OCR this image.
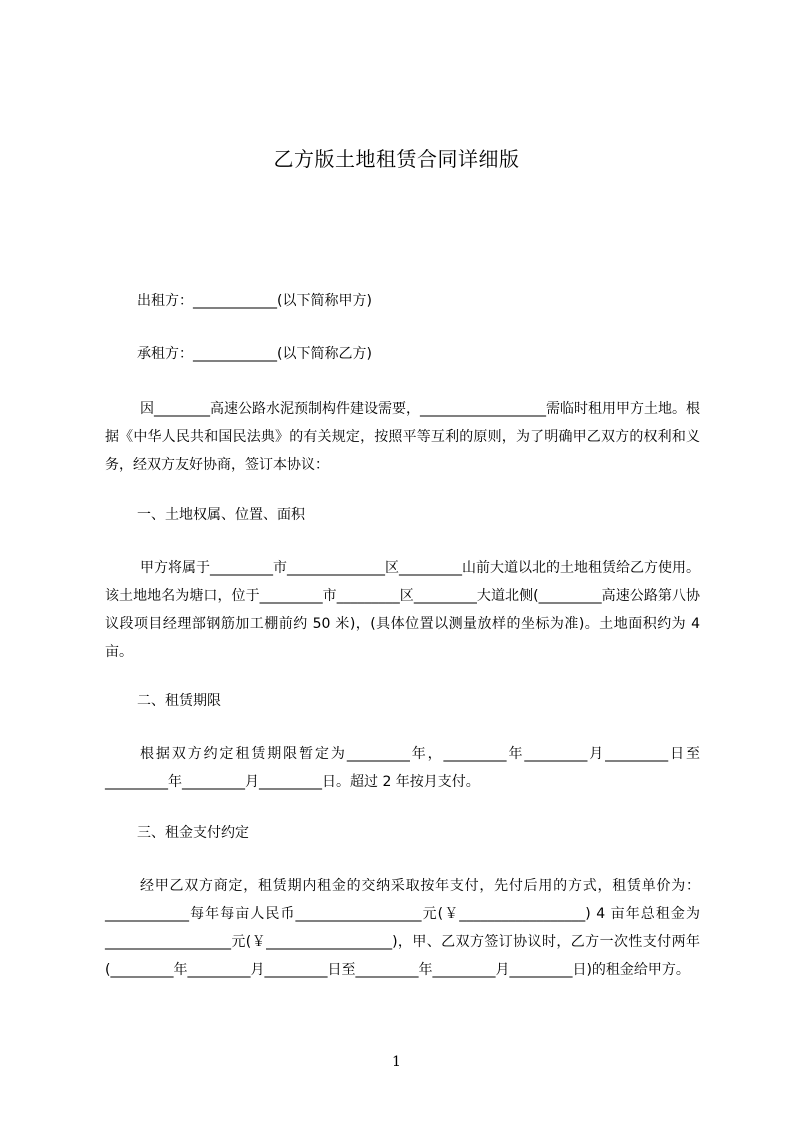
乙方版土地租赁合同详细版
出租方：____________(以下简称甲方)
承租方：____________(以下简称乙方)
因________高速公路水泥预制构件建设需要，__________________需临时租用甲方土地。根据《中华人民共和国民法典》的有关规定，按照平等互利的原则，为了明确甲乙双方的权利和义务，经双方友好协商，签订本协议：
一、土地权属、位置、面积
甲方将属于_________市______________区_________山前大道以北的土地租赁给乙方使用。该土地地名为塘口，位于_________市_________区_________大道北侧(_________高速公路第八协议段项目经理部钢筋加工棚前约 50 米)，(具体位置以测量放样的坐标为准)。土地面积约为 4 亩。
二、租赁期限
根据双方约定租赁期限暂定为_________年，_________年_________月_________日至_________年_________月_________日。超过 2 年按月支付。
三、租金支付约定
经甲乙双方商定，租赁期内租金的交纳采取按年支付，先付后用的方式，租赁单价为：____________每年每亩人民币__________________元(￥__________________) 4 亩年总租金为__________________元(￥__________________)，甲、乙双方签订协议时，乙方一次性支付两年(_________年_________月_________日至_________年_________月_________日)的租金给甲方。
1
